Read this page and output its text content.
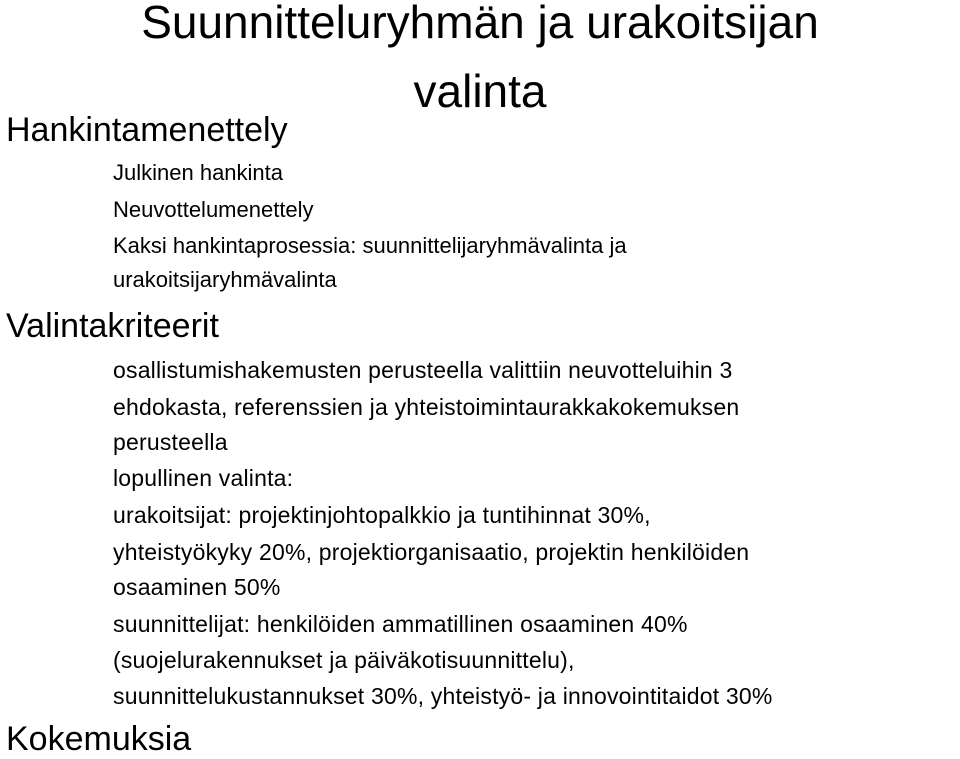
Suunnitteluryhmän ja urakoitsijan
valinta
Hankintamenettely
Julkinen hankinta
Neuvottelumenettely
Kaksi hankintaprosessia: suunnittelijaryhmävalinta ja
urakoitsijaryhmävalinta
Valintakriteerit
osallistumishakemusten perusteella valittiin neuvotteluihin 3
ehdokasta, referenssien ja yhteistoimintaurakkakokemuksen
perusteella
lopullinen valinta:
urakoitsijat: projektinjohtopalkkio ja tuntihinnat 30%,
yhteistyökyky 20%, projektiorganisaatio, projektin henkilöiden
osaaminen 50%
suunnittelijat: henkilöiden ammatillinen osaaminen 40%
(suojelurakennukset ja päiväkotisuunnittelu),
suunnittelukustannukset 30%, yhteistyö- ja innovointitaidot 30%
Kokemuksia
